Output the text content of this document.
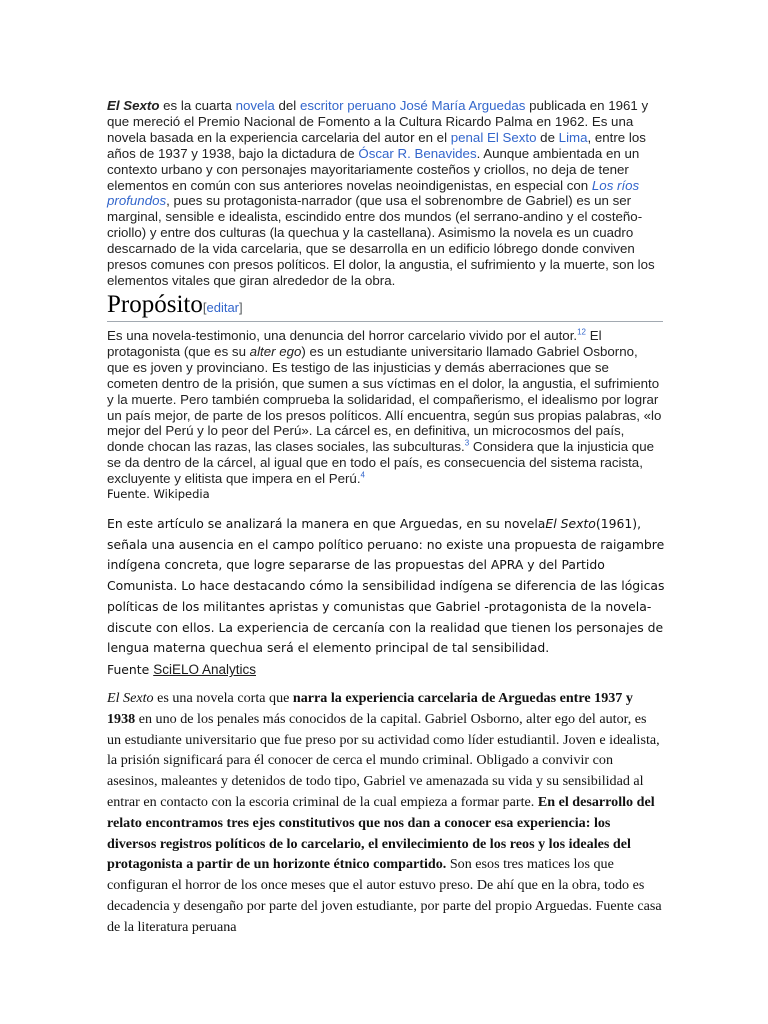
El Sexto es la cuarta novela del escritor peruano José María Arguedas publicada en 1961 y que mereció el Premio Nacional de Fomento a la Cultura Ricardo Palma en 1962. Es una novela basada en la experiencia carcelaria del autor en el penal El Sexto de Lima, entre los años de 1937 y 1938, bajo la dictadura de Óscar R. Benavides. Aunque ambientada en un contexto urbano y con personajes mayoritariamente costeños y criollos, no deja de tener elementos en común con sus anteriores novelas neoindigenistas, en especial con Los ríos profundos, pues su protagonista-narrador (que usa el sobrenombre de Gabriel) es un ser marginal, sensible e idealista, escindido entre dos mundos (el serrano-andino y el costeño-criollo) y entre dos culturas (la quechua y la castellana). Asimismo la novela es un cuadro descarnado de la vida carcelaria, que se desarrolla en un edificio lóbrego donde conviven presos comunes con presos políticos. El dolor, la angustia, el sufrimiento y la muerte, son los elementos vitales que giran alrededor de la obra.
Propósito[editar]
Es una novela-testimonio, una denuncia del horror carcelario vivido por el autor.$^{12}$ El protagonista (que es su alter ego) es un estudiante universitario llamado Gabriel Osborno, que es joven y provinciano. Es testigo de las injusticias y demás aberraciones que se cometen dentro de la prisión, que sumen a sus víctimas en el dolor, la angustia, el sufrimiento y la muerte. Pero también comprueba la solidaridad, el compañerismo, el idealismo por lograr un país mejor, de parte de los presos políticos. Allí encuentra, según sus propias palabras, «lo mejor del Perú y lo peor del Perú». La cárcel es, en definitiva, un microcosmos del país, donde chocan las razas, las clases sociales, las subculturas.$^3$ Considera que la injusticia que se da dentro de la cárcel, al igual que en todo el país, es consecuencia del sistema racista, excluyente y elitista que impera en el Perú.$^4$
Fuente. Wikipedia
En este artículo se analizará la manera en que Arguedas, en su novelaEl Sexto(1961), señala una ausencia en el campo político peruano: no existe una propuesta de raigambre indígena concreta, que logre separarse de las propuestas del APRA y del Partido Comunista. Lo hace destacando cómo la sensibilidad indígena se diferencia de las lógicas políticas de los militantes apristas y comunistas que Gabriel -protagonista de la novela- discute con ellos. La experiencia de cercanía con la realidad que tienen los personajes de lengua materna quechua será el elemento principal de tal sensibilidad.
Fuente SciELO Analytics
El Sexto es una novela corta que narra la experiencia carcelaria de Arguedas entre 1937 y 1938 en uno de los penales más conocidos de la capital. Gabriel Osborno, alter ego del autor, es un estudiante universitario que fue preso por su actividad como líder estudiantil. Joven e idealista, la prisión significará para él conocer de cerca el mundo criminal. Obligado a convivir con asesinos, maleantes y detenidos de todo tipo, Gabriel ve amenazada su vida y su sensibilidad al entrar en contacto con la escoria criminal de la cual empieza a formar parte. En el desarrollo del relato encontramos tres ejes constitutivos que nos dan a conocer esa experiencia: los diversos registros políticos de lo carcelario, el envilecimiento de los reos y los ideales del protagonista a partir de un horizonte étnico compartido. Son esos tres matices los que configuran el horror de los once meses que el autor estuvo preso. De ahí que en la obra, todo es decadencia y desengaño por parte del joven estudiante, por parte del propio Arguedas. Fuente casa de la literatura peruana
